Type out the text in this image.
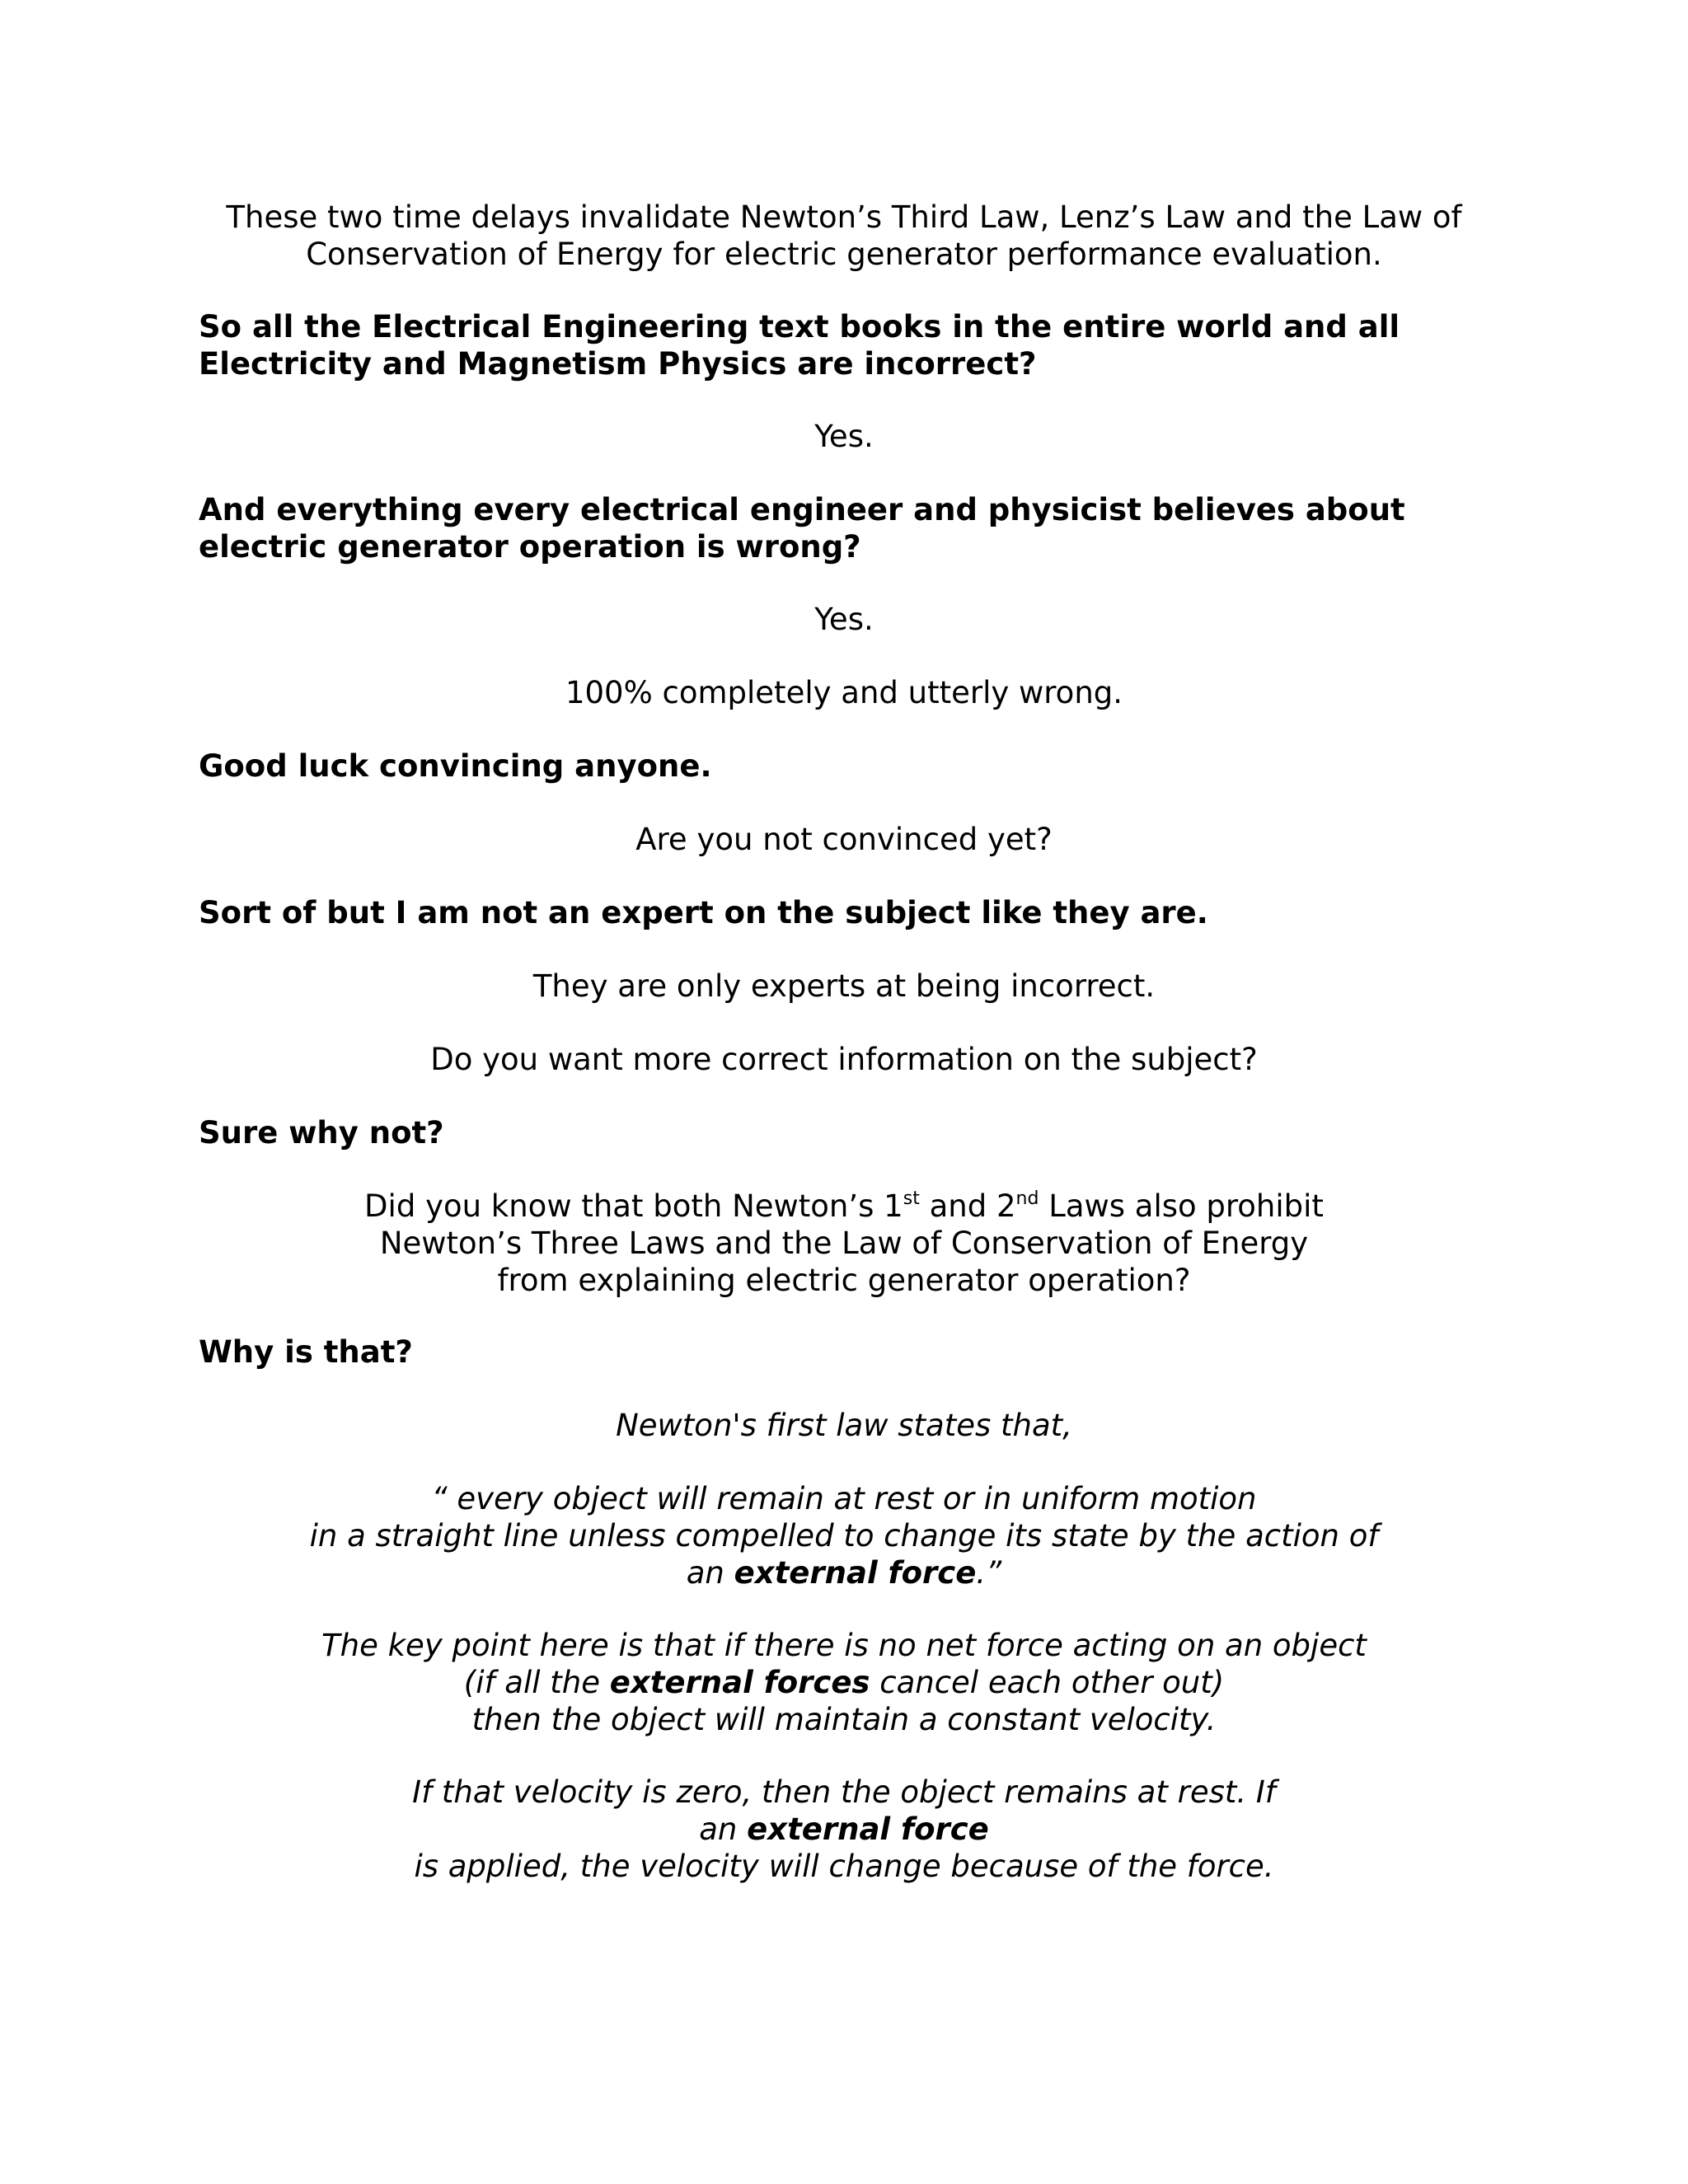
These two time delays invalidate Newton’s Third Law, Lenz’s Law and the Law of
Conservation of Energy for electric generator performance evaluation.

So all the Electrical Engineering text books in the entire world and all
Electricity and Magnetism Physics are incorrect?

Yes.

And everything every electrical engineer and physicist believes about
electric generator operation is wrong?

Yes.

100% completely and utterly wrong.

Good luck convincing anyone.

Are you not convinced yet?

Sort of but I am not an expert on the subject like they are.

They are only experts at being incorrect.

Do you want more correct information on the subject?

Sure why not?

Did you know that both Newton’s 1st and 2nd Laws also prohibit
Newton’s Three Laws and the Law of Conservation of Energy
from explaining electric generator operation?

Why is that?

Newton's first law states that,

“ every object will remain at rest or in uniform motion
in a straight line unless compelled to change its state by the action of
an external force.”

The key point here is that if there is no net force acting on an object
(if all the external forces cancel each other out)
then the object will maintain a constant velocity.

If that velocity is zero, then the object remains at rest. If
an external force
is applied, the velocity will change because of the force.
